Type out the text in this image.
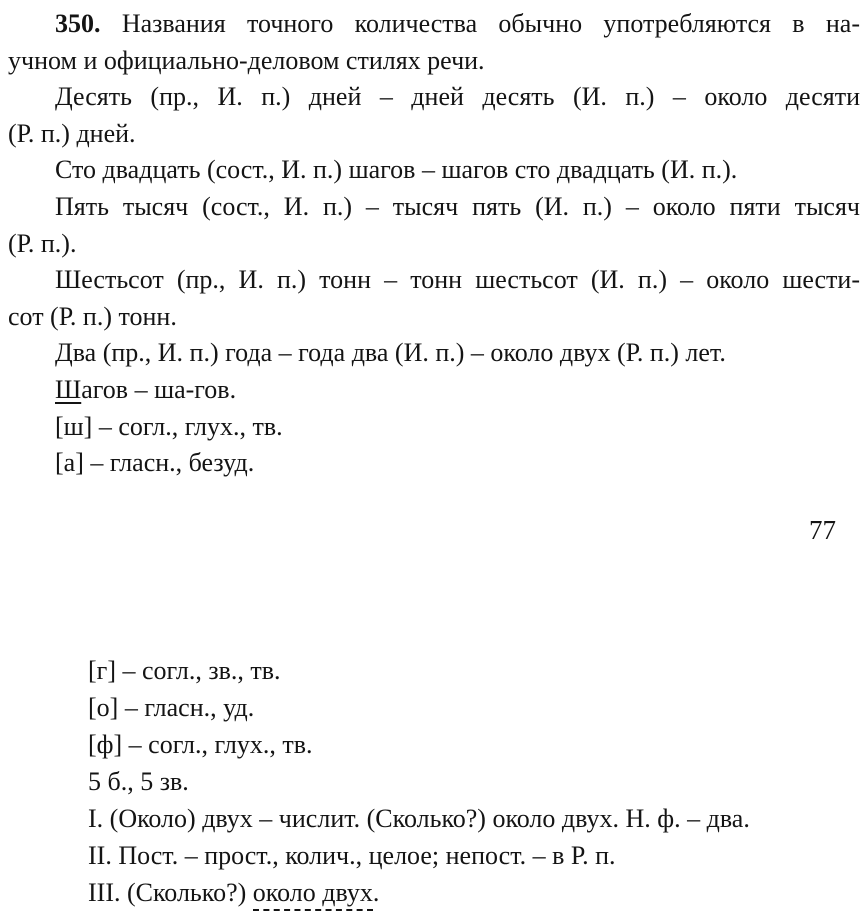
350. Названия точного количества обычно употребляются в на-
учном и официально-деловом стилях речи.
Десять (пр., И. п.) дней – дней десять (И. п.) – около десяти
(Р. п.) дней.
Сто двадцать (сост., И. п.) шагов – шагов сто двадцать (И. п.).
Пять тысяч (сост., И. п.) – тысяч пять (И. п.) – около пяти тысяч
(Р. п.).
Шестьсот (пр., И. п.) тонн – тонн шестьсот (И. п.) – около шести-
сот (Р. п.) тонн.
Два (пр., И. п.) года – года два (И. п.) – около двух (Р. п.) лет.
Шагов – ша-гов.
[ш] – согл., глух., тв.
[а] – гласн., безуд.
77
[г] – согл., зв., тв.
[о] – гласн., уд.
[ф] – согл., глух., тв.
5 б., 5 зв.
I. (Около) двух – числит. (Сколько?) около двух. Н. ф. – два.
II. Пост. – прост., колич., целое; непост. – в Р. п.
III. (Сколько?) около двух.
